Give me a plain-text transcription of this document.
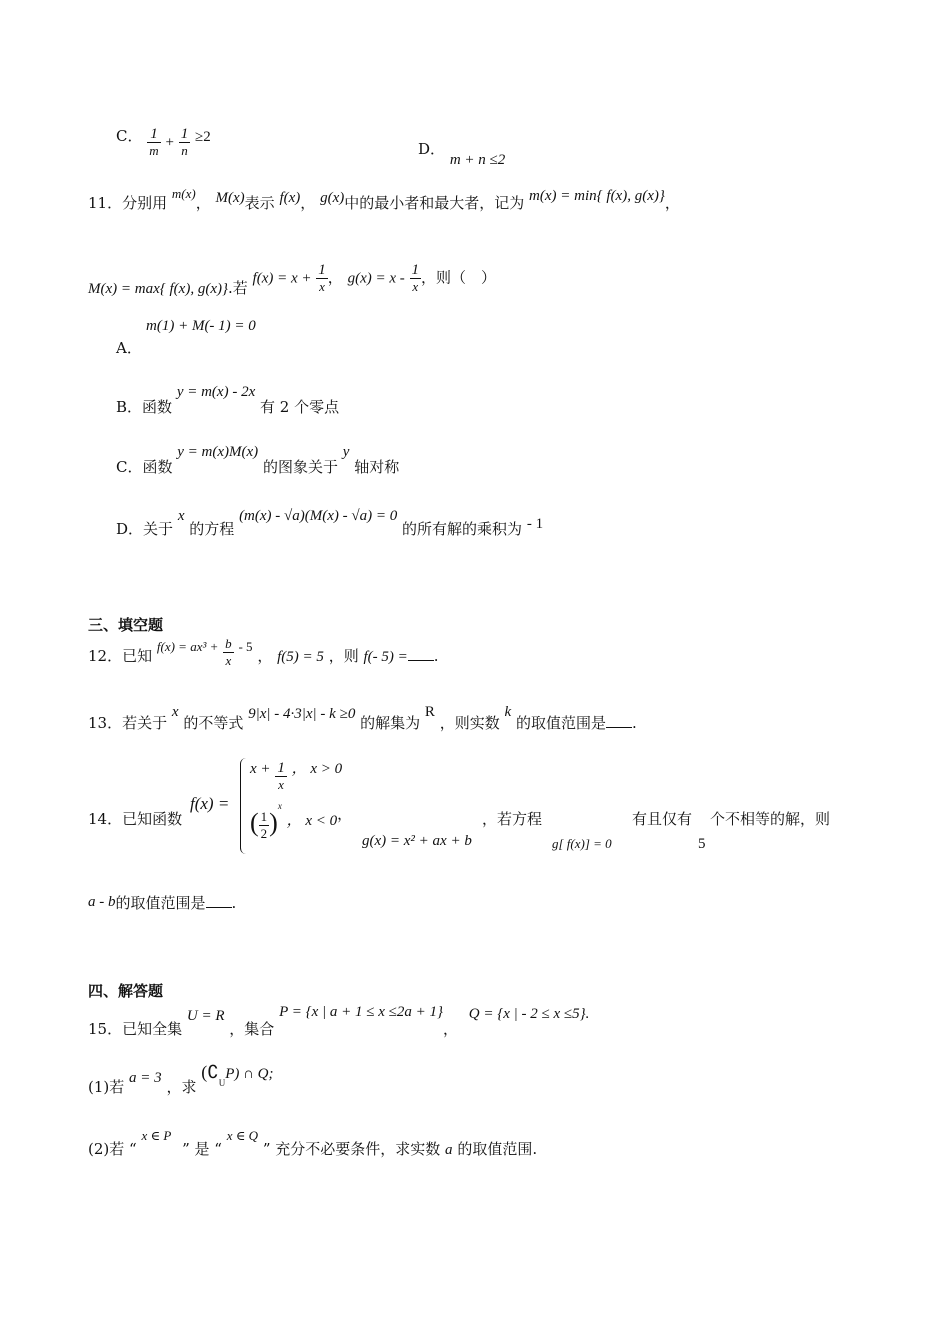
C． $\frac{1}{m} + \frac{1}{n} \ge 2$
D． m + n ≤2
11．分别用 m(x)， M(x)表示 f(x)， g(x)中的最小者和最大者，记为 m(x) = min{ f(x), g(x)}，
M(x) = max{ f(x), g(x)}.若 $f(x) = x + \frac{1}{x}$ ， $g(x) = x - \frac{1}{x}$ ，则（　）
m(1) + M(- 1) = 0
A．
B．函数 y = m(x) - 2x 有 2 个零点
C．函数 y = m(x)M(x) 的图象关于 y 轴对称
D．关于 x 的方程 (m(x) - √a)(M(x) - √a) = 0 的所有解的乘积为 - 1
三、填空题
12．已知 $f(x) = ax^3 + \frac{b}{x} - 5$ ， f(5) = 5 ，则 f(- 5) = .
13．若关于 x 的不等式 9|x| - 4·3|x| - k ≥0 的解集为 R ，则实数 k 的取值范围是 .
14．已知函数
f(x) =
$x + \frac{1}{x}$ ， x > 0
( $\frac{1}{2} )^x$ ， x < 0，
g(x) = x² + ax + b
，若方程
g[ f(x)] = 0
有且仅有
5
个不相等的解，则
a - b的取值范围是 .
四、解答题
15．已知全集 U = R ，集合 P = {x | a + 1 ≤ x ≤2a + 1}， Q = {x | - 2 ≤ x ≤5}.
(1)若 a = 3 ，求 $(∁_UP)$ ∩ Q;
(2)若 “ x ∈ P ” 是 “ x ∈ Q ” 充分不必要条件，求实数 a 的取值范围.
